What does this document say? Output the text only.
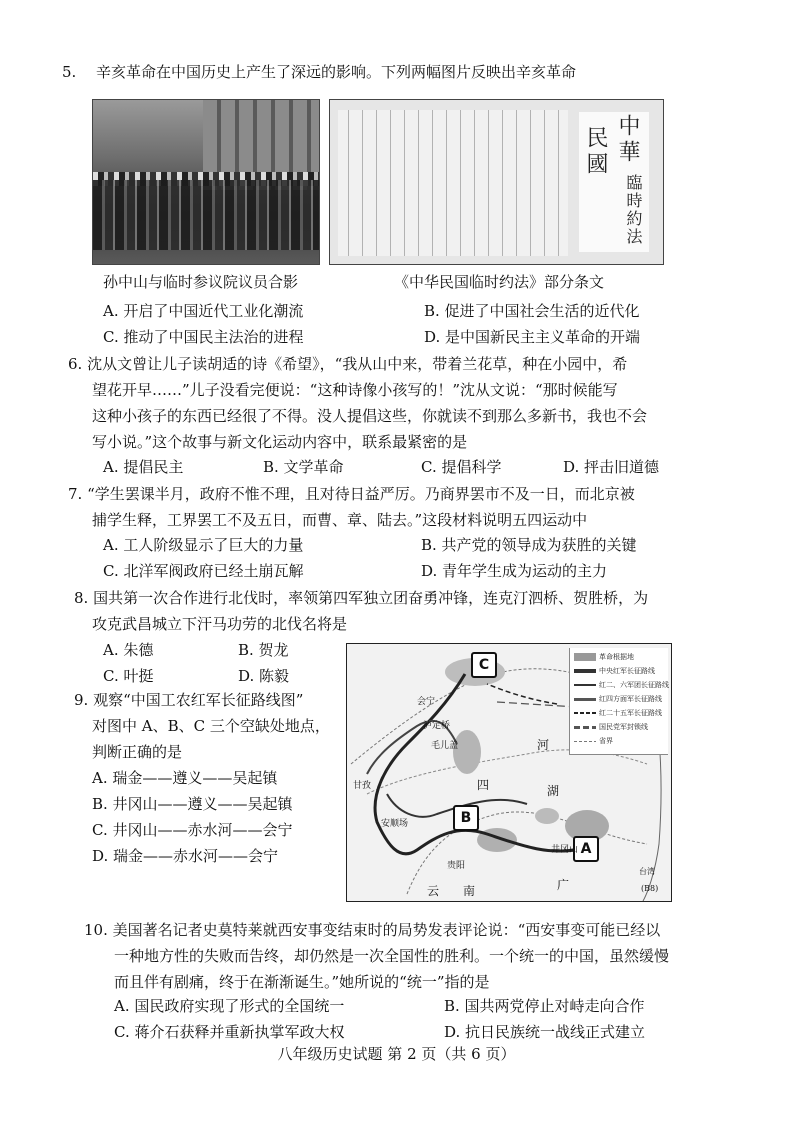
5. 辛亥革命在中国历史上产生了深远的影响。下列两幅图片反映出辛亥革命
中華
民國
臨時約法
孙中山与临时参议院议员合影	《中华民国临时约法》部分条文
A. 开启了中国近代工业化潮流	B. 促进了中国社会生活的近代化
C. 推动了中国民主法治的进程	D. 是中国新民主主义革命的开端
6. 沈从文曾让儿子读胡适的诗《希望》，“我从山中来，带着兰花草，种在小园中，希
望花开早……”儿子没看完便说：“这种诗像小孩写的！”沈从文说：“那时候能写
这种小孩子的东西已经很了不得。没人提倡这些，你就读不到那么多新书，我也不会
写小说。”这个故事与新文化运动内容中，联系最紧密的是
A. 提倡民主	B. 文学革命	C. 提倡科学	D. 抨击旧道德
7. “学生罢课半月，政府不惟不理，且对待日益严厉。乃商界罢市不及一日，而北京被
捕学生释，工界罢工不及五日，而曹、章、陆去。”这段材料说明五四运动中
A. 工人阶级显示了巨大的力量	B. 共产党的领导成为获胜的关键
C. 北洋军阀政府已经土崩瓦解	D. 青年学生成为运动的主力
8. 国共第一次合作进行北伐时，率领第四军独立团奋勇冲锋，连克汀泗桥、贺胜桥，为
攻克武昌城立下汗马功劳的北伐名将是
A. 朱德	B. 贺龙
C. 叶挺	D. 陈毅
9. 观察“中国工农红军长征路线图”
对图中 A、B、C 三个空缺处地点，
判断正确的是
A. 瑞金——遵义——吴起镇
B. 井冈山——遵义——吴起镇
C. 井冈山——赤水河——会宁
D. 瑞金——赤水河——会宁
C
B
A
会宁
泸定桥
毛儿盖
甘孜
安顺场
贵阳
井冈山
四	湖
河
广
云 南
台湾
(B8)
革命根据地
中央红军长征路线
红二、六军团长征路线
红四方面军长征路线
红二十五军长征路线
国民党军封锁线
省界
10. 美国著名记者史莫特莱就西安事变结束时的局势发表评论说：“西安事变可能已经以
一种地方性的失败而告终，却仍然是一次全国性的胜利。一个统一的中国，虽然缓慢
而且伴有剧痛，终于在渐渐诞生。”她所说的“统一”指的是
A. 国民政府实现了形式的全国统一	B. 国共两党停止对峙走向合作
C. 蒋介石获释并重新执掌军政大权	D. 抗日民族统一战线正式建立
八年级历史试题 第 2 页（共 6 页）
